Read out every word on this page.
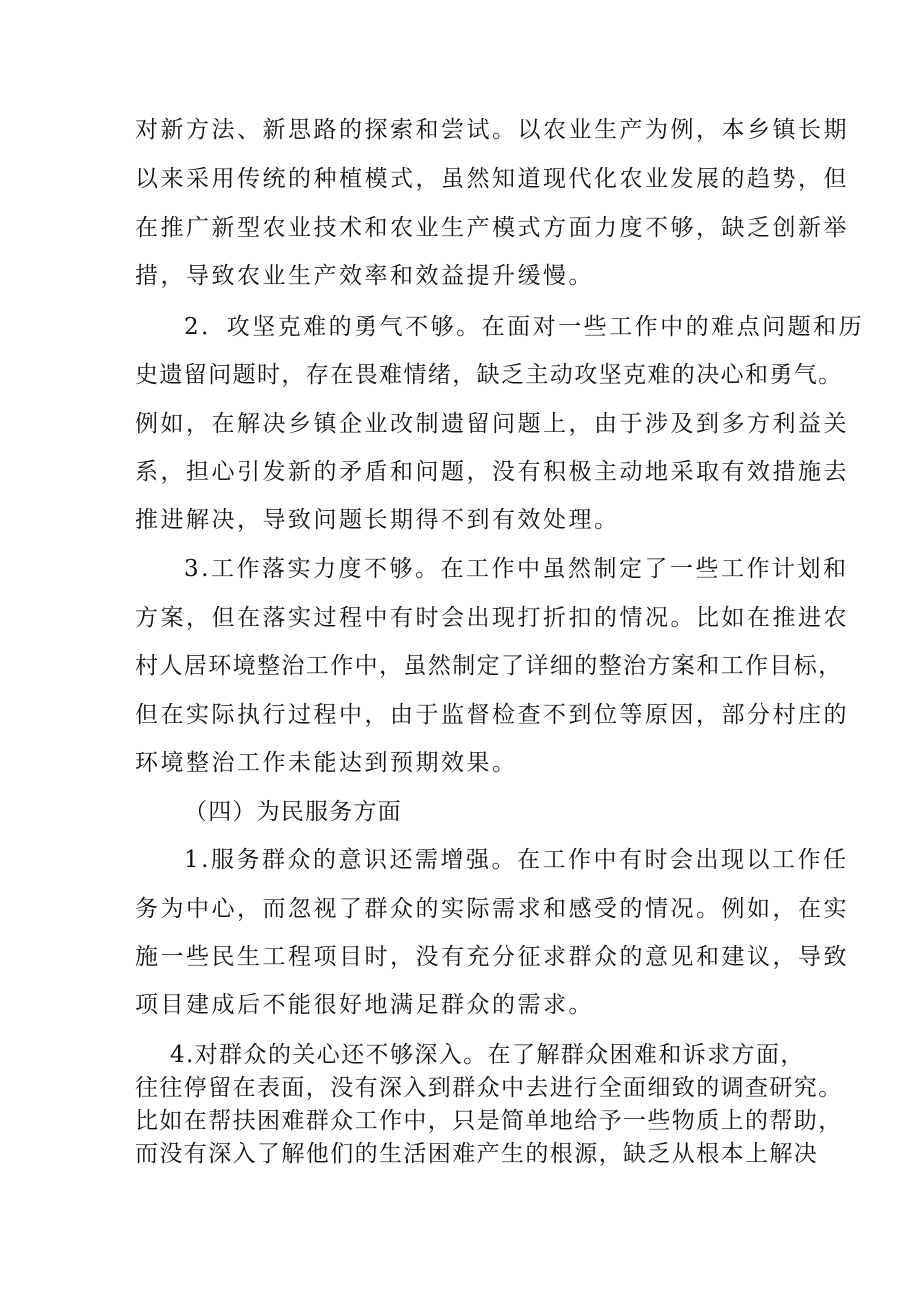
对新方法、新思路的探索和尝试。以农业生产为例，本乡镇长期
以来采用传统的种植模式，虽然知道现代化农业发展的趋势，但
在推广新型农业技术和农业生产模式方面力度不够，缺乏创新举
措，导致农业生产效率和效益提升缓慢。
2．攻坚克难的勇气不够。在面对一些工作中的难点问题和历
史遗留问题时，存在畏难情绪，缺乏主动攻坚克难的决心和勇气。
例如，在解决乡镇企业改制遗留问题上，由于涉及到多方利益关
系，担心引发新的矛盾和问题，没有积极主动地采取有效措施去
推进解决，导致问题长期得不到有效处理。
3.工作落实力度不够。在工作中虽然制定了一些工作计划和
方案，但在落实过程中有时会出现打折扣的情况。比如在推进农
村人居环境整治工作中，虽然制定了详细的整治方案和工作目标，
但在实际执行过程中，由于监督检查不到位等原因，部分村庄的
环境整治工作未能达到预期效果。
（四）为民服务方面
1.服务群众的意识还需增强。在工作中有时会出现以工作任
务为中心，而忽视了群众的实际需求和感受的情况。例如，在实
施一些民生工程项目时，没有充分征求群众的意见和建议，导致
项目建成后不能很好地满足群众的需求。
4.对群众的关心还不够深入。在了解群众困难和诉求方面，
往往停留在表面，没有深入到群众中去进行全面细致的调查研究。
比如在帮扶困难群众工作中，只是简单地给予一些物质上的帮助，
而没有深入了解他们的生活困难产生的根源，缺乏从根本上解决
